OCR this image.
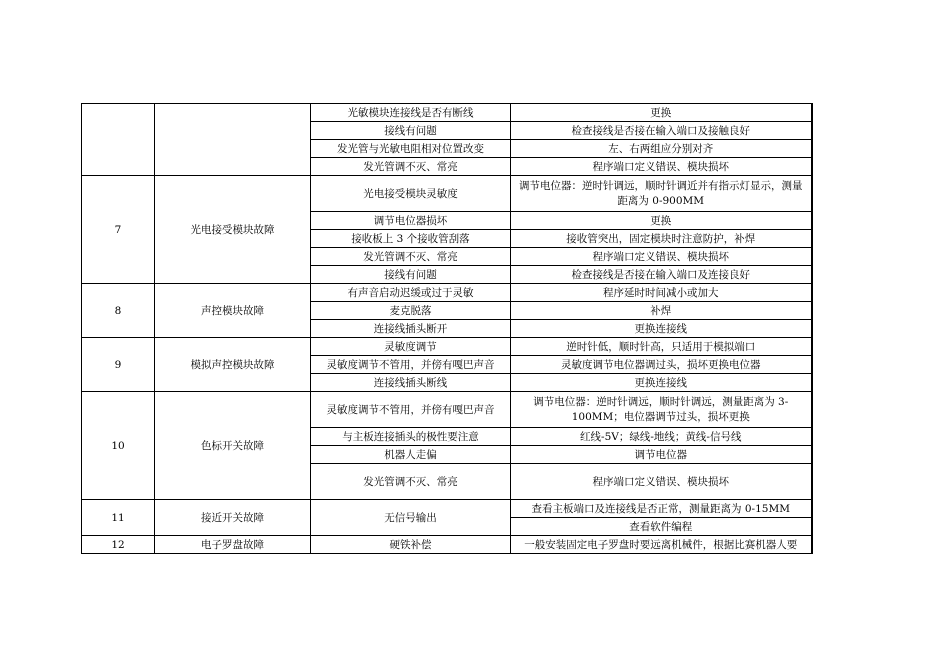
		光敏模块连接线是否有断线	更换
		接线有问题	检查接线是否接在输入端口及接触良好
		发光管与光敏电阻相对位置改变	左、右两组应分别对齐
		发光管调不灭、常亮	程序端口定义错误、模块损坏
7	光电接受模块故障	光电接受模块灵敏度	调节电位器：逆时针调远，顺时针调近并有指示灯显示，测量距离为 0-900MM
		调节电位器损坏	更换
		接收板上 3 个接收管刮落	接收管突出，固定模块时注意防护，补焊
		发光管调不灭、常亮	程序端口定义错误、模块损坏
		接线有问题	检查接线是否接在输入端口及连接良好
8	声控模块故障	有声音启动迟缓或过于灵敏	程序延时时间减小或加大
		麦克脱落	补焊
		连接线插头断开	更换连接线
9	模拟声控模块故障	灵敏度调节	逆时针低，顺时针高，只适用于模拟端口
		灵敏度调节不管用，并傍有嘎巴声音	灵敏度调节电位器调过头，损坏更换电位器
		连接线插头断线	更换连接线
10	色标开关故障	灵敏度调节不管用，并傍有嘎巴声音	调节电位器：逆时针调远，顺时针调远，测量距离为 3-100MM；电位器调节过头，损坏更换
		与主板连接插头的极性要注意	红线-5V；绿线-地线；黄线-信号线
		机器人走偏	调节电位器
		发光管调不灭、常亮	程序端口定义错误、模块损坏
11	接近开关故障	无信号输出	查看主板端口及连接线是否正常，测量距离为 0-15MM
			查看软件编程
12	电子罗盘故障	硬铁补偿	一般安装固定电子罗盘时要远离机械件，根据比赛机器人要
